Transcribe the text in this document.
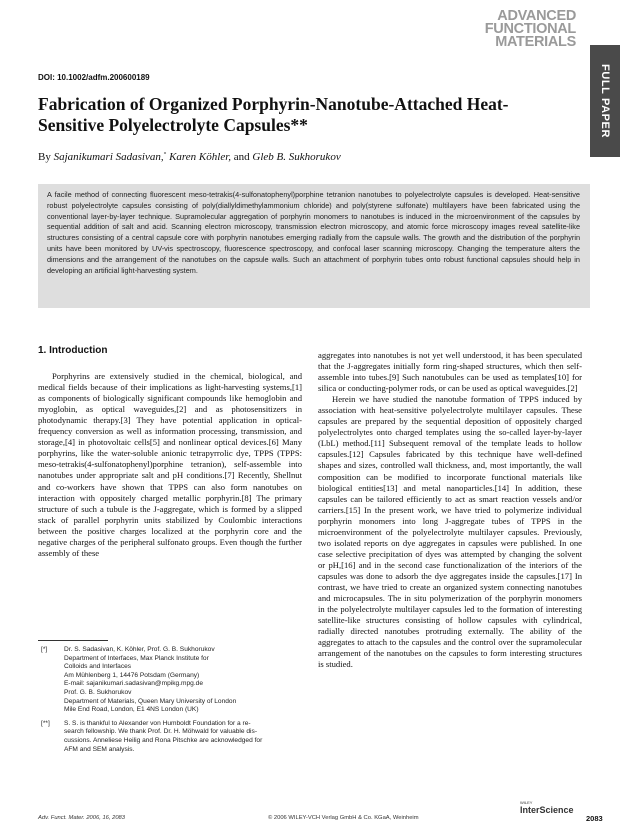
ADVANCED
FUNCTIONAL
MATERIALS
FULL PAPER
DOI: 10.1002/adfm.200600189
Fabrication of Organized Porphyrin-Nanotube-Attached Heat-Sensitive Polyelectrolyte Capsules**

By Sajanikumari Sadasivan,* Karen Köhler, and Gleb B. Sukhorukov

A facile method of connecting fluorescent meso-tetrakis(4-sulfonatophenyl)porphine tetranion nanotubes to polyelectrolyte capsules is developed. Heat-sensitive robust polyelectrolyte capsules consisting of poly(diallyldimethylammonium chloride) and poly(styrene sulfonate) multilayers have been fabricated using the conventional layer-by-layer technique. Supramolecular aggregation of porphyrin monomers to nanotubes is induced in the microenvironment of the capsules by sequential addition of salt and acid. Scanning electron microscopy, transmission electron microscopy, and atomic force microscopy images reveal satellite-like structures consisting of a central capsule core with porphyrin nanotubes emerging radially from the capsule walls. The growth and the distribution of the porphyrin units have been monitored by UV-vis spectroscopy, fluorescence spectroscopy, and confocal laser scanning microscopy. Changing the temperature alters the dimensions and the arrangement of the nanotubes on the capsule walls. Such an attachment of porphyrin tubes onto robust functional capsules should help in developing an artificial light-harvesting system.

1. Introduction

Porphyrins are extensively studied in the chemical, biological, and medical fields because of their implications as light-harvesting systems,[1] as components of biologically significant compounds like hemoglobin and myoglobin, as optical waveguides,[2] and as photosensitizers in photodynamic therapy.[3] They have potential application in optical-frequency conversion as well as information processing, transmission, and storage,[4] in photovoltaic cells[5] and nonlinear optical devices.[6] Many porphyrins, like the water-soluble anionic tetrapyrrolic dye, TPPS (TPPS: meso-tetrakis(4-sulfonatophenyl)porphine tetranion), self-assemble into nanotubes under appropriate salt and pH conditions.[7] Recently, Shellnut and co-workers have shown that TPPS can also form nanotubes on interaction with oppositely charged metallic porphyrin.[8] The primary structure of such a tubule is the J-aggregate, which is formed by a slipped stack of parallel porphyrin units stabilized by Coulombic interactions between the positive charges localized at the porphyrin core and the negative charges of the peripheral sulfonato groups. Even though the further assembly of these

aggregates into nanotubes is not yet well understood, it has been speculated that the J-aggregates initially form ring-shaped structures, which then self-assemble into tubes.[9] Such nanotubules can be used as templates[10] for silica or conducting-polymer rods, or can be used as optical waveguides.[2]

Herein we have studied the nanotube formation of TPPS induced by association with heat-sensitive polyelectrolyte multilayer capsules. These capsules are prepared by the sequential deposition of oppositely charged polyelectrolytes onto charged templates using the so-called layer-by-layer (LbL) method.[11] Subsequent removal of the template leads to hollow capsules.[12] Capsules fabricated by this technique have well-defined shapes and sizes, controlled wall thickness, and, most importantly, the wall composition can be modified to incorporate functional materials like biological entities[13] and metal nanoparticles.[14] In addition, these capsules can be tailored efficiently to act as smart reaction vessels and/or carriers.[15] In the present work, we have tried to polymerize individual porphyrin monomers into long J-aggregate tubes of TPPS in the microenvironment of the polyelectrolyte multilayer capsules. Previously, two isolated reports on dye aggregates in capsules were published. In one case selective precipitation of dyes was attempted by changing the solvent or pH,[16] and in the second case functionalization of the interiors of the capsules was done to adsorb the dye aggregates inside the capsules.[17] In contrast, we have tried to create an organized system connecting nanotubes and microcapsules. The in situ polymerization of the porphyrin monomers in the polyelectrolyte multilayer capsules led to the formation of interesting satellite-like structures consisting of hollow capsules with cylindrical, radially directed nanotubes protruding externally. The ability of the aggregates to attach to the capsules and the control over the supramolecular arrangement of the nanotubes on the capsules to form interesting structures is studied.

[*]	Dr. S. Sadasivan, K. Köhler, Prof. G. B. Sukhorukov
Department of Interfaces, Max Planck Institute for
Colloids and Interfaces
Am Mühlenberg 1, 14476 Potsdam (Germany)
E-mail: sajanikumari.sadasivan@mpikg.mpg.de
Prof. G. B. Sukhorukov
Department of Materials, Queen Mary University of London
Mile End Road, London, E1 4NS London (UK)
[**] S. S. is thankful to Alexander von Humboldt Foundation for a re-
search fellowship. We thank Prof. Dr. H. Möhwald for valuable dis-
cussions. Anneliese Heilig and Rona Pitschke are acknowledged for
AFM and SEM analysis.
Adv. Funct. Mater. 2006, 16, 2083	© 2006 WILEY-VCH Verlag GmbH & Co. KGaA, Weinheim
WILEY
InterScience
2083
